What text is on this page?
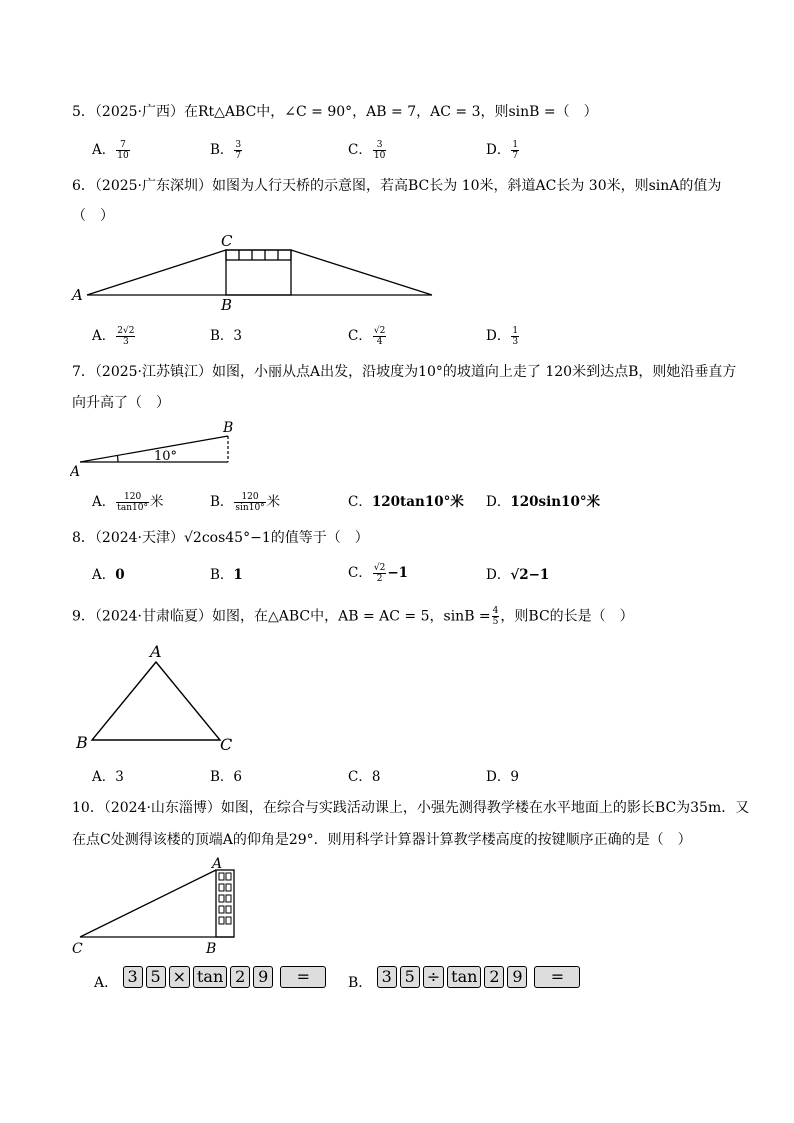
5．（2025·广西）在Rt△ABC中，∠C = 90°，AB = 7，AC = 3，则sinB =（　）
A． $\frac{7}{10}$	B． $\frac{3}{7}$	C． $\frac{3}{10}$	D． $\frac{1}{7}$
6．（2025·广东深圳）如图为人行天桥的示意图，若高BC长为 10米，斜道AC长为 30米，则sinA的值为
（　）
A
B
C
A． $\frac{2√2}{3}$	B．3	C． $\frac{√2}{4}$	D． $\frac{1}{3}$
7．（2025·江苏镇江）如图，小丽从点A出发，沿坡度为10°的坡道向上走了 120米到达点B，则她沿垂直方
向升高了（　）
A
B
10°
A． $\frac{120}{\tan 10^\circ}$ 米	B． $\frac{120}{\sin 10^\circ}$ 米	C．120tan10°米 D．120sin10°米
8．（2024·天津）√2cos45°−1的值等于（　）
A．0	B．1	C． $\frac{√2}{2} -1$	D．√2−1
9．（2024·甘肃临夏）如图，在△ABC中，AB = AC = 5，$\sin B = \frac{4}{5}$ ，则BC的长是（　）
A
B	C
A．3	B．6	C．8	D．9
10．（2024·山东淄博）如图，在综合与实践活动课上，小强先测得教学楼在水平地面上的影长BC为35m．又
在点C处测得该楼的顶端A的仰角是29°．则用科学计算器计算教学楼高度的按键顺序正确的是（　）
A
B
C
A． 3 5 × tan 2 9 =	B． 3 5 ÷ tan 2 9 =
